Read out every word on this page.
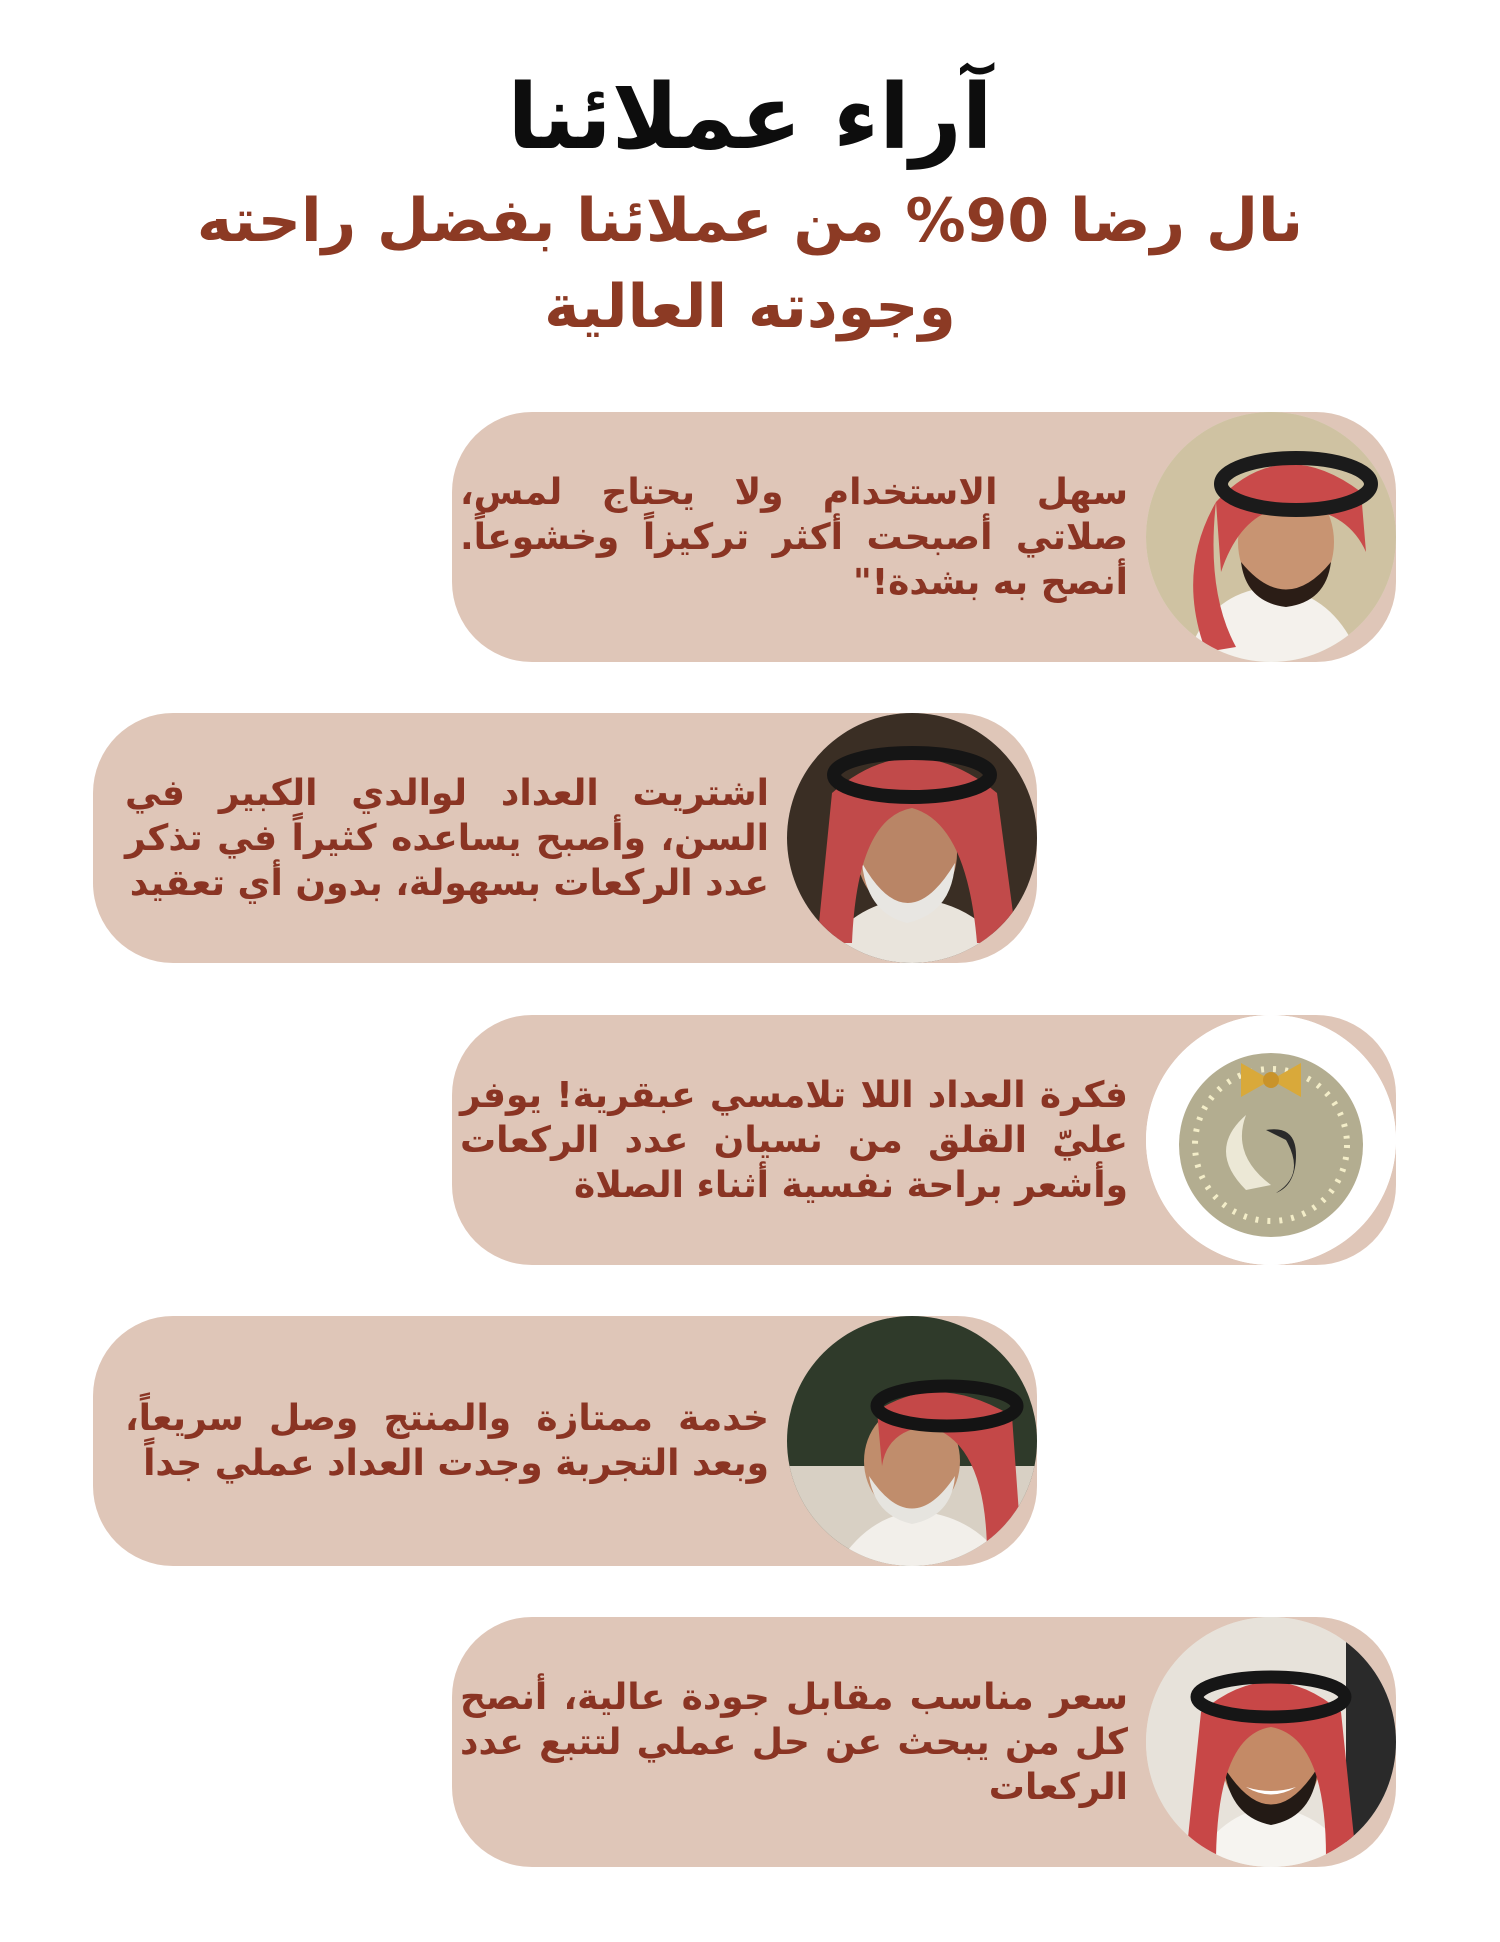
آراء عملائنا
نال رضا 90% من عملائنا بفضل راحته وجودته العالية
سهل الاستخدام ولا يحتاج لمس، صلاتي أصبحت أكثر تركيزاً وخشوعاً. أنصح به بشدة!"
اشتريت العداد لوالدي الكبير في السن، وأصبح يساعده كثيراً في تذكر عدد الركعات بسهولة، بدون أي تعقيد
فكرة العداد اللا تلامسي عبقرية! يوفر عليّ القلق من نسيان عدد الركعات وأشعر براحة نفسية أثناء الصلاة
خدمة ممتازة والمنتج وصل سريعاً، وبعد التجربة وجدت العداد عملي جداً
سعر مناسب مقابل جودة عالية، أنصح كل من يبحث عن حل عملي لتتبع عدد الركعات
